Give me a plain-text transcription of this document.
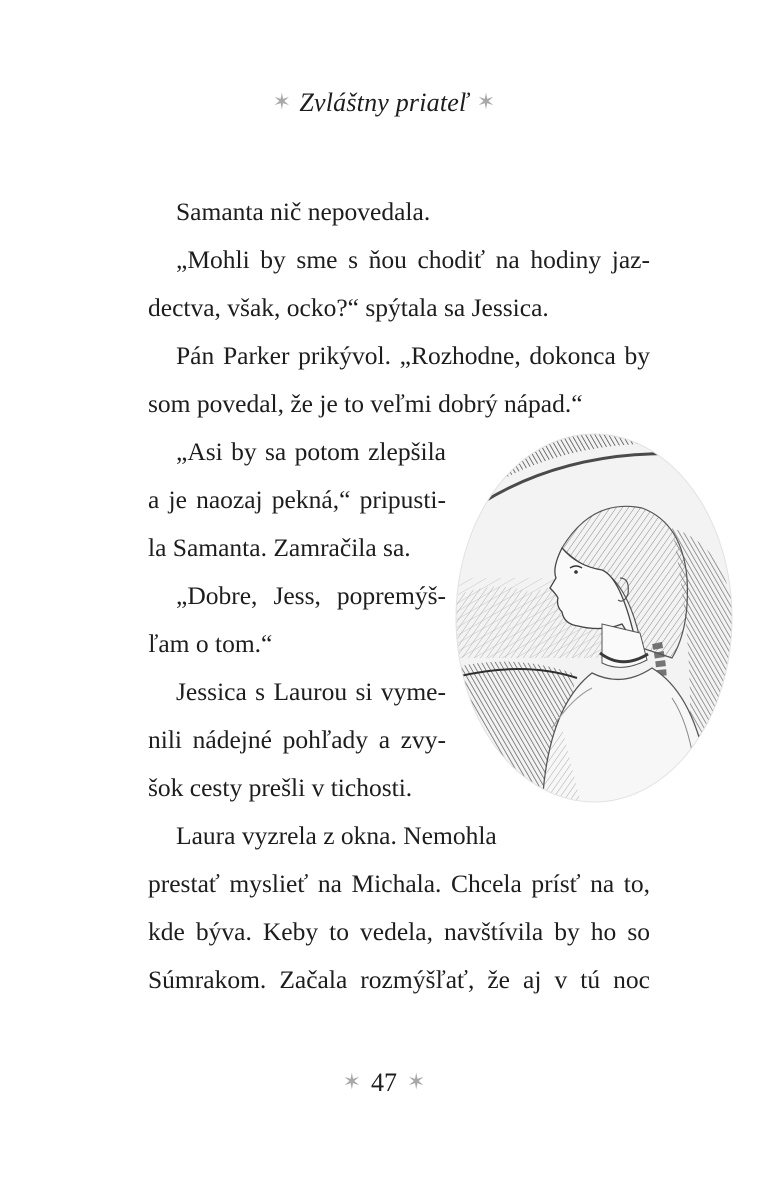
✶ Zvláštny priateľ ✶
Samanta nič nepovedala.
„Mohli by sme s ňou chodiť na hodiny jaz-
dectva, však, ocko?“ spýtala sa Jessica.
Pán Parker prikývol. „Rozhodne, dokonca by
som povedal, že je to veľmi dobrý nápad.“
„Asi by sa potom zlepšila
a je naozaj pekná,“ pripusti-
la Samanta. Zamračila sa.
„Dobre, Jess, popremýš-
ľam o tom.“
Jessica s Laurou si vyme-
nili nádejné pohľady a zvy-
šok cesty prešli v tichosti.
Laura vyzrela z okna. Nemohla
prestať myslieť na Michala. Chcela prísť na to,
kde býva. Keby to vedela, navštívila by ho so
Súmrakom. Začala rozmýšľať, že aj v tú noc
✶ 47 ✶
